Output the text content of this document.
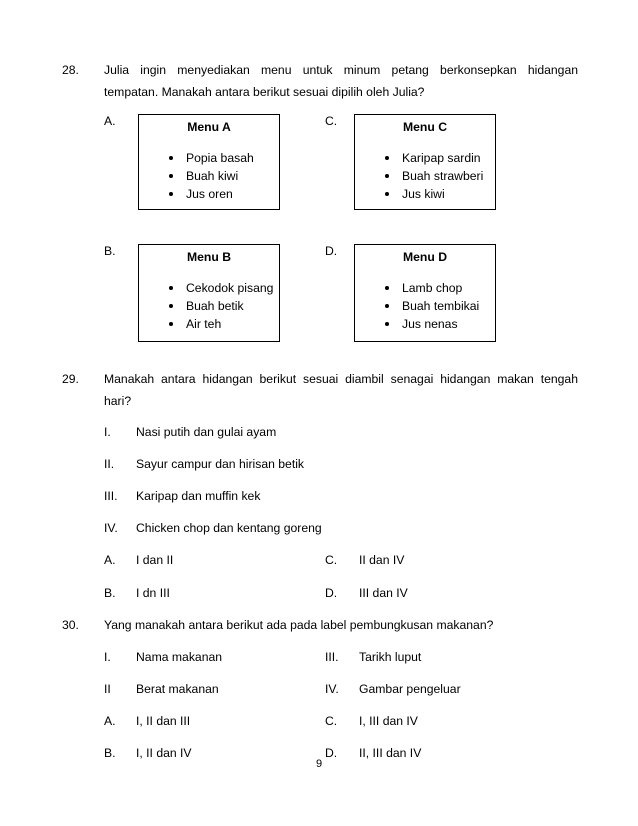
28. Julia ingin menyediakan menu untuk minum petang berkonsepkan hidangan
tempatan. Manakah antara berikut sesuai dipilih oleh Julia?
A.	Menu A
Popia basah
Buah kiwi
Jus oren
C.	Menu C
Karipap sardin
Buah strawberi
Jus kiwi
B.	Menu B
Cekodok pisang
Buah betik
Air teh
D.	Menu D
Lamb chop
Buah tembikai
Jus nenas
29. Manakah antara hidangan berikut sesuai diambil senagai hidangan makan tengah
hari?
I. Nasi putih dan gulai ayam
II. Sayur campur dan hirisan betik
III. Karipap dan muffin kek
IV. Chicken chop dan kentang goreng
A. I dan II	C. II dan IV
B. I dn III	D. III dan IV
30. Yang manakah antara berikut ada pada label pembungkusan makanan?
I. Nama makanan	III. Tarikh luput
II Berat makanan	IV. Gambar pengeluar
A. I, II dan III	C. I, III dan IV
B. I, II dan IV	D. II, III dan IV
9
